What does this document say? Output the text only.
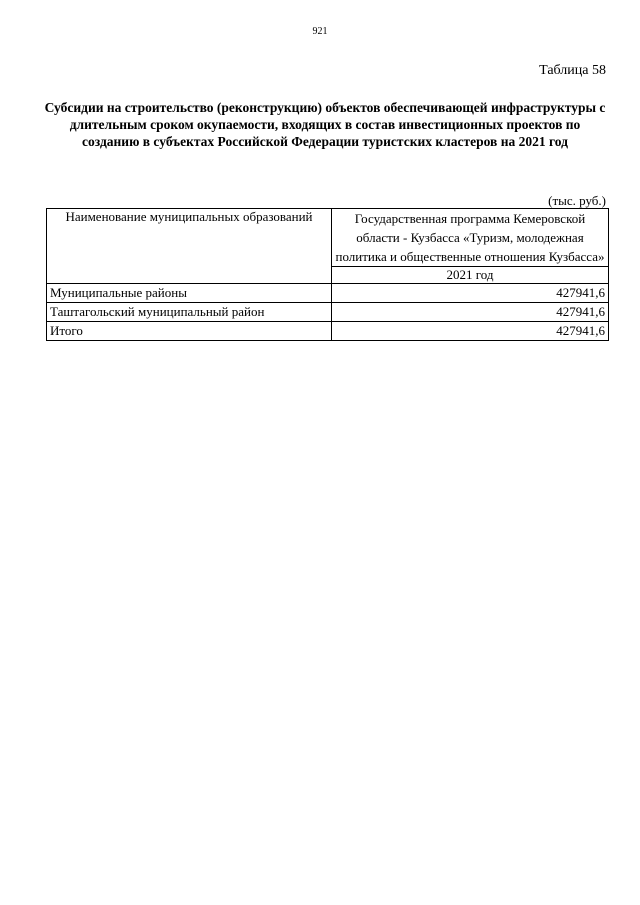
921
Таблица 58
Субсидии на строительство (реконструкцию) объектов обеспечивающей инфраструктуры с длительным сроком окупаемости, входящих в состав инвестиционных проектов по созданию в субъектах Российской Федерации туристских кластеров на 2021 год
(тыс. руб.)
Наименование муниципальных образований	Государственная программа Кемеровской области - Кузбасса «Туризм, молодежная политика и общественные отношения Кузбасса»
	2021 год
Муниципальные районы	427941,6
Таштагольский муниципальный район	427941,6
Итого	427941,6
